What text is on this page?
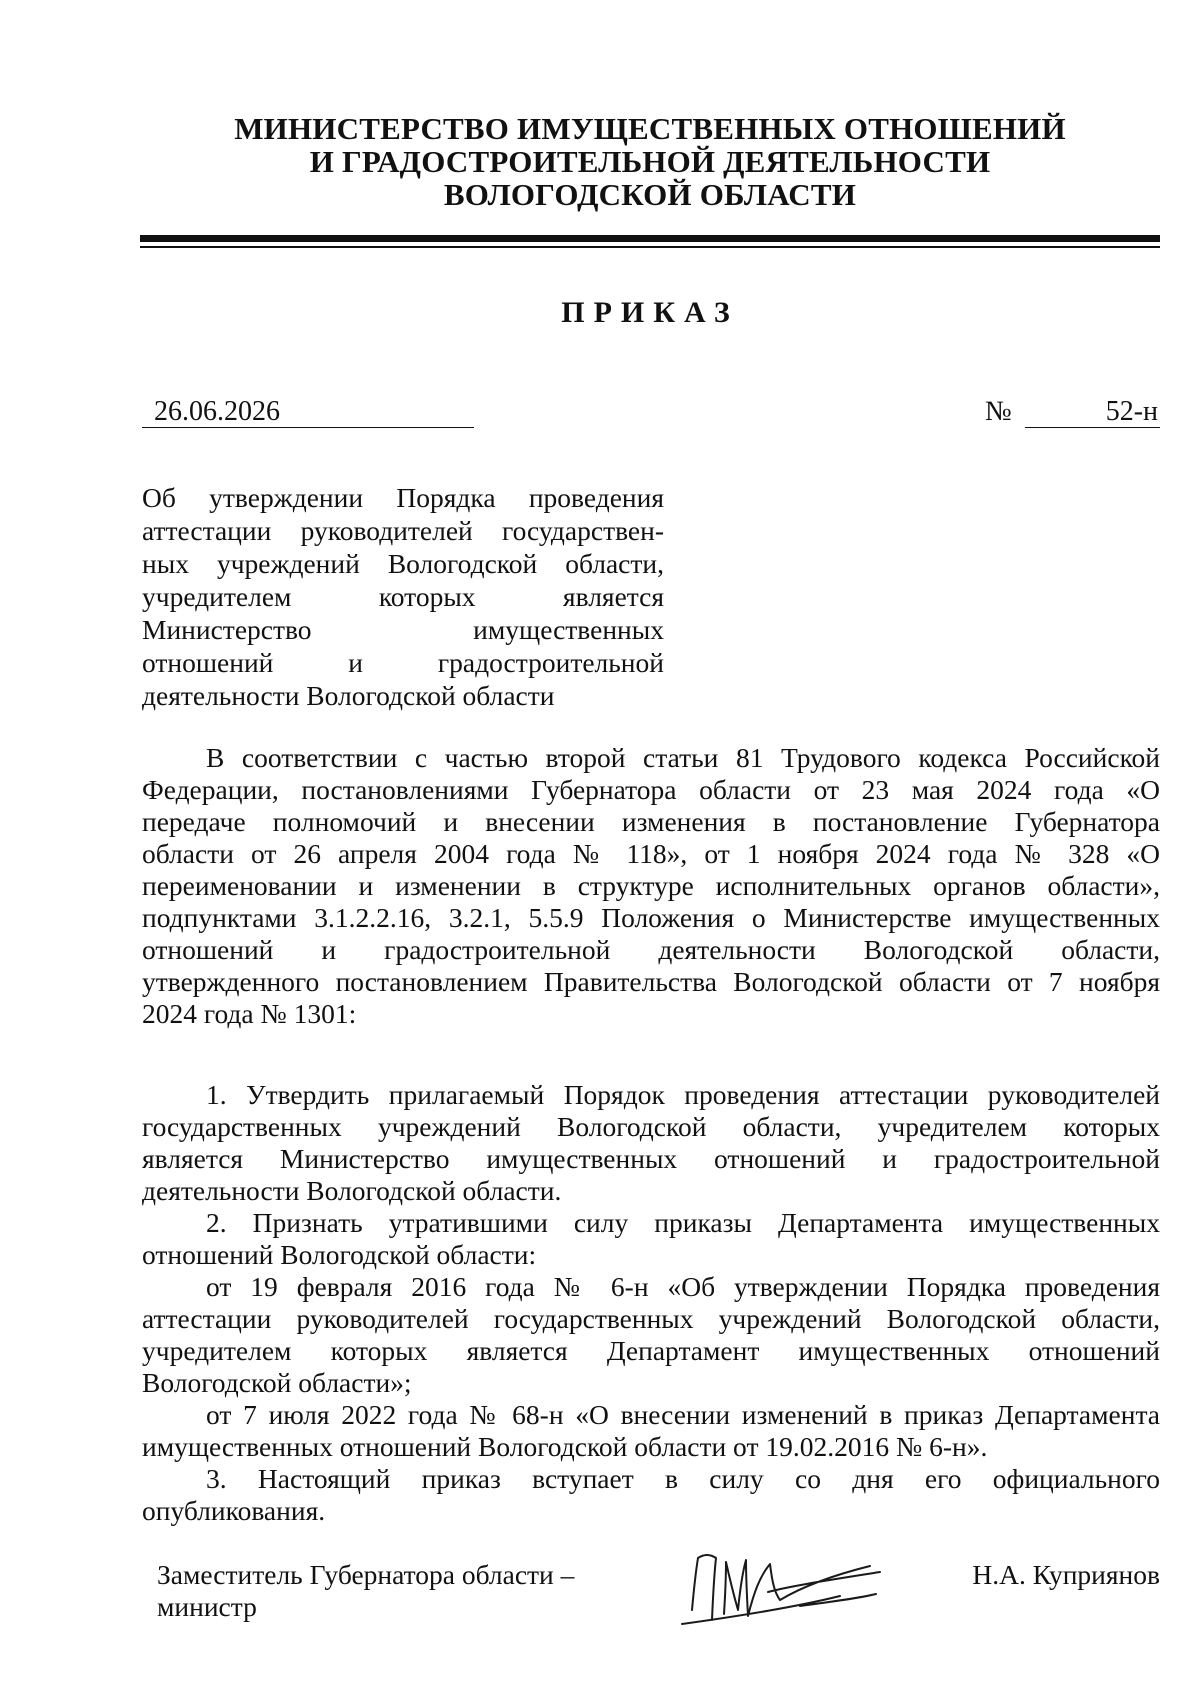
МИНИСТЕРСТВО ИМУЩЕСТВЕННЫХ ОТНОШЕНИЙ
И ГРАДОСТРОИТЕЛЬНОЙ ДЕЯТЕЛЬНОСТИ
ВОЛОГОДСКОЙ ОБЛАСТИ
ПРИКАЗ
26.06.2026	№	52-н
Об утверждении Порядка проведения
аттестации руководителей государствен-
ных учреждений Вологодской области,
учредителем которых является
Министерство имущественных
отношений и градостроительной
деятельности Вологодской области
В соответствии с частью второй статьи 81 Трудового кодекса Российской
Федерации, постановлениями Губернатора области от 23 мая 2024 года «О
передаче полномочий и внесении изменения в постановление Губернатора
области от 26 апреля 2004 года № 118», от 1 ноября 2024 года № 328 «О
переименовании и изменении в структуре исполнительных органов области»,
подпунктами 3.1.2.2.16, 3.2.1, 5.5.9 Положения о Министерстве имущественных
отношений и градостроительной деятельности Вологодской области,
утвержденного постановлением Правительства Вологодской области от 7 ноября
2024 года № 1301:
1. Утвердить прилагаемый Порядок проведения аттестации руководителей
государственных учреждений Вологодской области, учредителем которых
является Министерство имущественных отношений и градостроительной
деятельности Вологодской области.
2. Признать утратившими силу приказы Департамента имущественных
отношений Вологодской области:
от 19 февраля 2016 года № 6-н «Об утверждении Порядка проведения
аттестации руководителей государственных учреждений Вологодской области,
учредителем которых является Департамент имущественных отношений
Вологодской области»;
от 7 июля 2022 года № 68-н «О внесении изменений в приказ Департамента
имущественных отношений Вологодской области от 19.02.2016 № 6-н».
3. Настоящий приказ вступает в силу со дня его официального
опубликования.
Заместитель Губернатора области –
министр
Н.А. Куприянов
